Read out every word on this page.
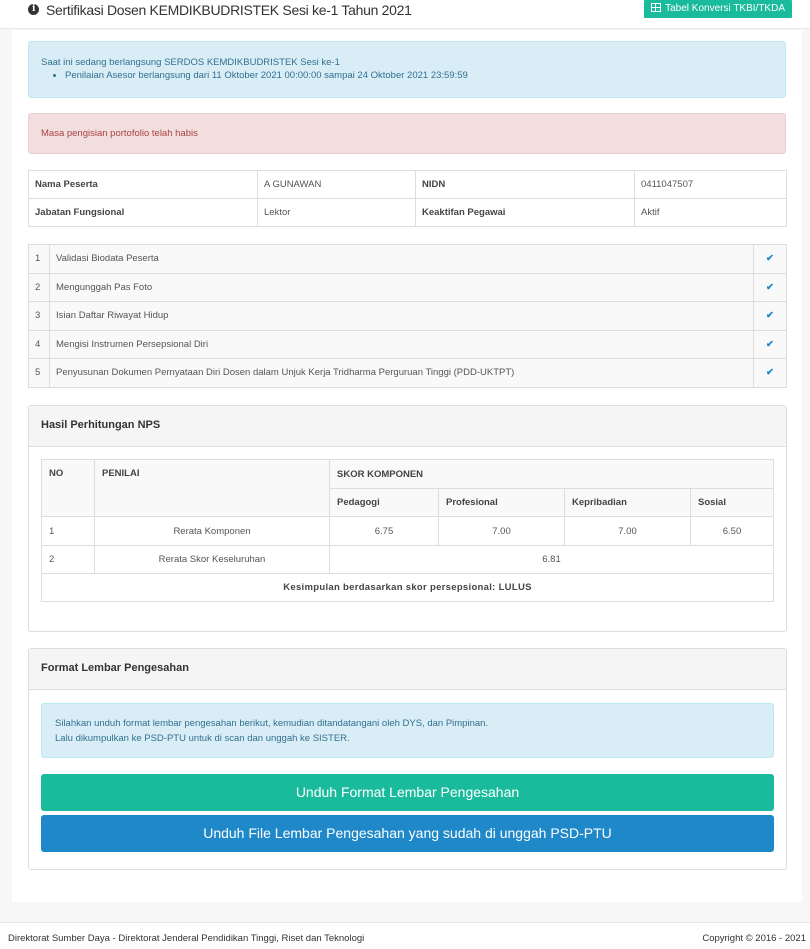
i Sertifikasi Dosen KEMDIKBUDRISTEK Sesi ke-1 Tahun 2021	Tabel Konversi TKBI/TKDA
Saat ini sedang berlangsung SERDOS KEMDIKBUDRISTEK Sesi ke-1
• Penilaian Asesor berlangsung dari 11 Oktober 2021 00:00:00 sampai 24 Oktober 2021 23:59:59
Masa pengisian portofolio telah habis
Nama Peserta	A GUNAWAN	NIDN	0411047507
Jabatan Fungsional	Lektor	Keaktifan Pegawai	Aktif
1	Validasi Biodata Peserta	✔
2	Mengunggah Pas Foto	✔
3	Isian Daftar Riwayat Hidup	✔
4	Mengisi Instrumen Persepsional Diri	✔
5	Penyusunan Dokumen Pernyataan Diri Dosen dalam Unjuk Kerja Tridharma Perguruan Tinggi (PDD-UKTPT)	✔
Hasil Perhitungan NPS
NO	PENILAI	SKOR KOMPONEN			
		Pedagogi	Profesional	Kepribadian	Sosial
1	Rerata Komponen	6.75	7.00	7.00	6.50
2	Rerata Skor Keseluruhan	6.81			
Kesimpulan berdasarkan skor persepsional: LULUS					
Format Lembar Pengesahan
Silahkan unduh format lembar pengesahan berikut, kemudian ditandatangani oleh DYS, dan Pimpinan.
Lalu dikumpulkan ke PSD-PTU untuk di scan dan unggah ke SISTER.
Unduh Format Lembar Pengesahan
Unduh File Lembar Pengesahan yang sudah di unggah PSD-PTU
Direktorat Sumber Daya - Direktorat Jenderal Pendidikan Tinggi, Riset dan Teknologi	Copyright © 2016 - 2021
